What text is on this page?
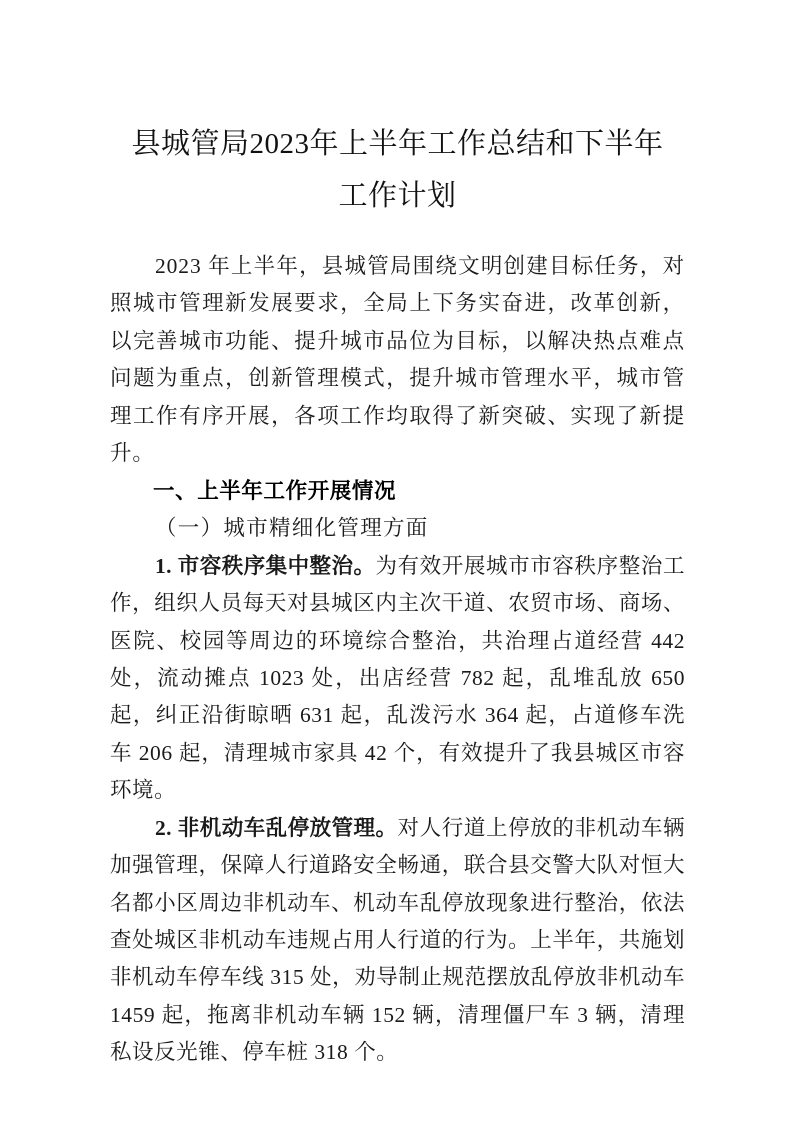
县城管局2023年上半年工作总结和下半年
工作计划

2023 年上半年，县城管局围绕文明创建目标任务，对照城市管理新发展要求，全局上下务实奋进，改革创新，以完善城市功能、提升城市品位为目标，以解决热点难点问题为重点，创新管理模式，提升城市管理水平，城市管理工作有序开展，各项工作均取得了新突破、实现了新提升。

一、上半年工作开展情况

（一）城市精细化管理方面

1. 市容秩序集中整治。为有效开展城市市容秩序整治工作，组织人员每天对县城区内主次干道、农贸市场、商场、医院、校园等周边的环境综合整治，共治理占道经营 442 处，流动摊点 1023 处，出店经营 782 起，乱堆乱放 650 起，纠正沿街晾晒 631 起，乱泼污水 364 起，占道修车洗车 206 起，清理城市家具 42 个，有效提升了我县城区市容环境。

2. 非机动车乱停放管理。对人行道上停放的非机动车辆加强管理，保障人行道路安全畅通，联合县交警大队对恒大名都小区周边非机动车、机动车乱停放现象进行整治，依法查处城区非机动车违规占用人行道的行为。上半年，共施划非机动车停车线 315 处，劝导制止规范摆放乱停放非机动车 1459 起，拖离非机动车辆 152 辆，清理僵尸车 3 辆，清理私设反光锥、停车桩 318 个。
